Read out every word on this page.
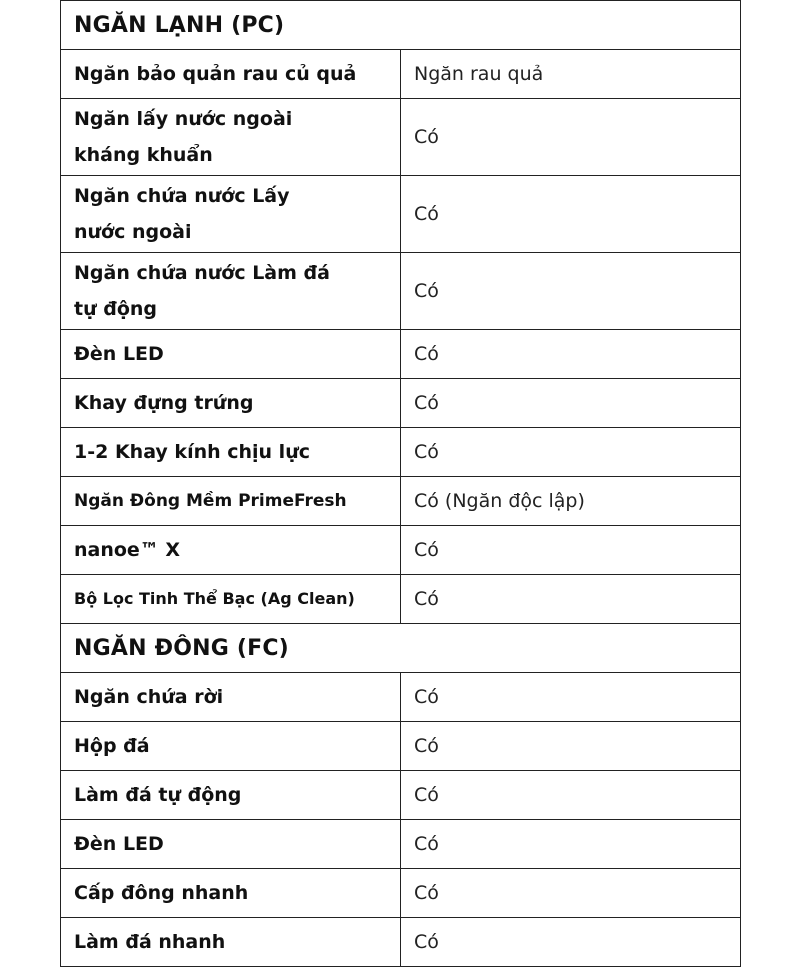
NGĂN LẠNH (PC)	
Ngăn bảo quản rau củ quả	Ngăn rau quả
Ngăn lấy nước ngoài kháng khuẩn	Có
Ngăn chứa nước Lấy nước ngoài	Có
Ngăn chứa nước Làm đá tự động	Có
Đèn LED	Có
Khay đựng trứng	Có
1-2 Khay kính chịu lực	Có
Ngăn Đông Mềm PrimeFresh	Có (Ngăn độc lập)
nanoe™ X	Có
Bộ Lọc Tinh Thể Bạc (Ag Clean)	Có
NGĂN ĐÔNG (FC)	
Ngăn chứa rời	Có
Hộp đá	Có
Làm đá tự động	Có
Đèn LED	Có
Cấp đông nhanh	Có
Làm đá nhanh	Có
